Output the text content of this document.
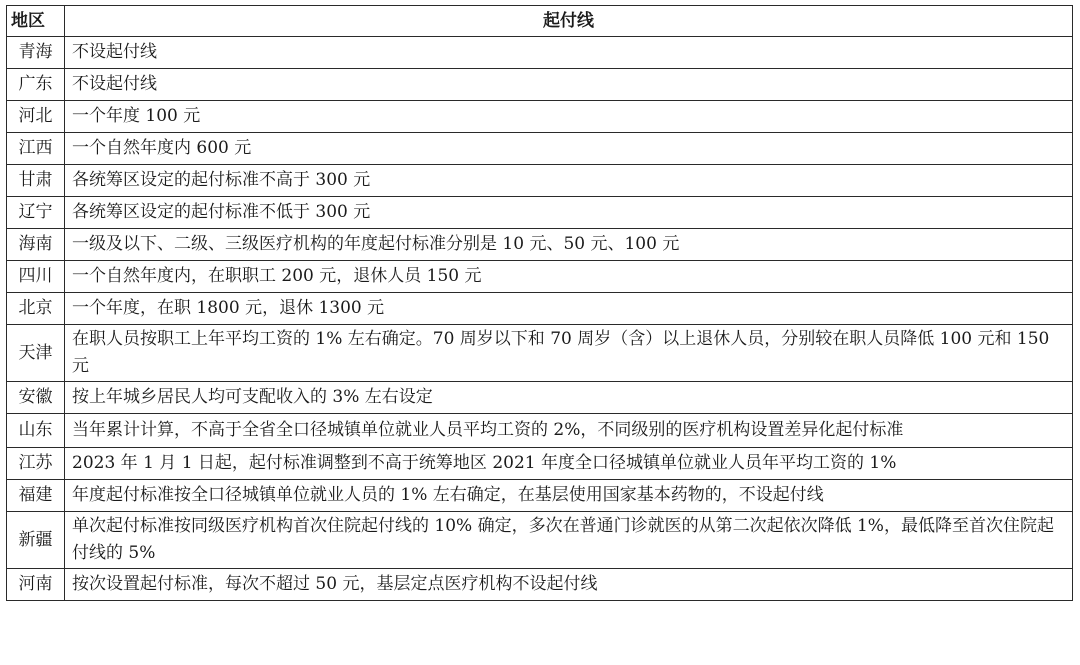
地区	起付线
青海	不设起付线
广东	不设起付线
河北	一个年度 100 元
江西	一个自然年度内 600 元
甘肃	各统筹区设定的起付标准不高于 300 元
辽宁	各统筹区设定的起付标准不低于 300 元
海南	一级及以下、二级、三级医疗机构的年度起付标准分别是 10 元、50 元、100 元
四川	一个自然年度内，在职职工 200 元，退休人员 150 元
北京	一个年度，在职 1800 元，退休 1300 元
天津	在职人员按职工上年平均工资的 1% 左右确定。70 周岁以下和 70 周岁（含）以上退休人员，分别较在职人员降低 100 元和 150 元
安徽	按上年城乡居民人均可支配收入的 3% 左右设定
山东	当年累计计算，不高于全省全口径城镇单位就业人员平均工资的 2%，不同级别的医疗机构设置差异化起付标准
江苏	2023 年 1 月 1 日起，起付标准调整到不高于统筹地区 2021 年度全口径城镇单位就业人员年平均工资的 1%
福建	年度起付标准按全口径城镇单位就业人员的 1% 左右确定，在基层使用国家基本药物的，不设起付线
新疆	单次起付标准按同级医疗机构首次住院起付线的 10% 确定，多次在普通门诊就医的从第二次起依次降低 1%，最低降至首次住院起付线的 5%
河南	按次设置起付标准，每次不超过 50 元，基层定点医疗机构不设起付线
